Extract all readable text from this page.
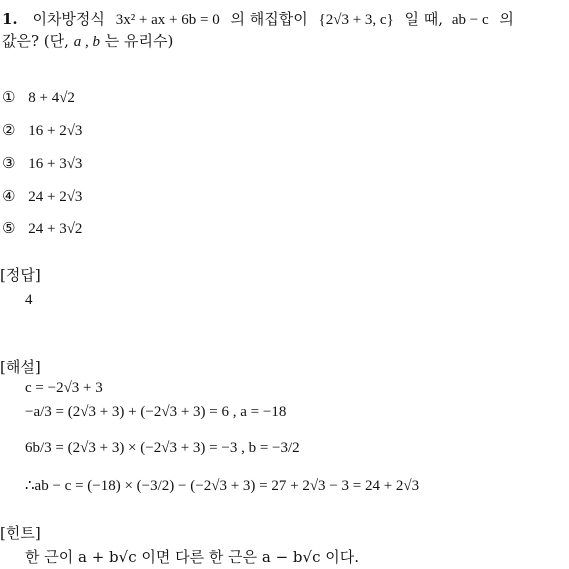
1. 이차방정식 3x² + ax + 6b = 0 의 해집합이 {2√3 + 3, c} 일 때, ab − c 의
값은? (단, a , b 는 유리수)
① 8 + 4√2
② 16 + 2√3
③ 16 + 3√3
④ 24 + 2√3
⑤ 24 + 3√2
[정답]
4
[해설]
c = −2√3 + 3
−a/3 = (2√3 + 3) + (−2√3 + 3) = 6 , a = −18
6b/3 = (2√3 + 3) × (−2√3 + 3) = −3 , b = −3/2
∴ab − c = (−18) × (−3/2) − (−2√3 + 3) = 27 + 2√3 − 3 = 24 + 2√3
[힌트]
한 근이 a + b√c 이면 다른 한 근은 a − b√c 이다.
